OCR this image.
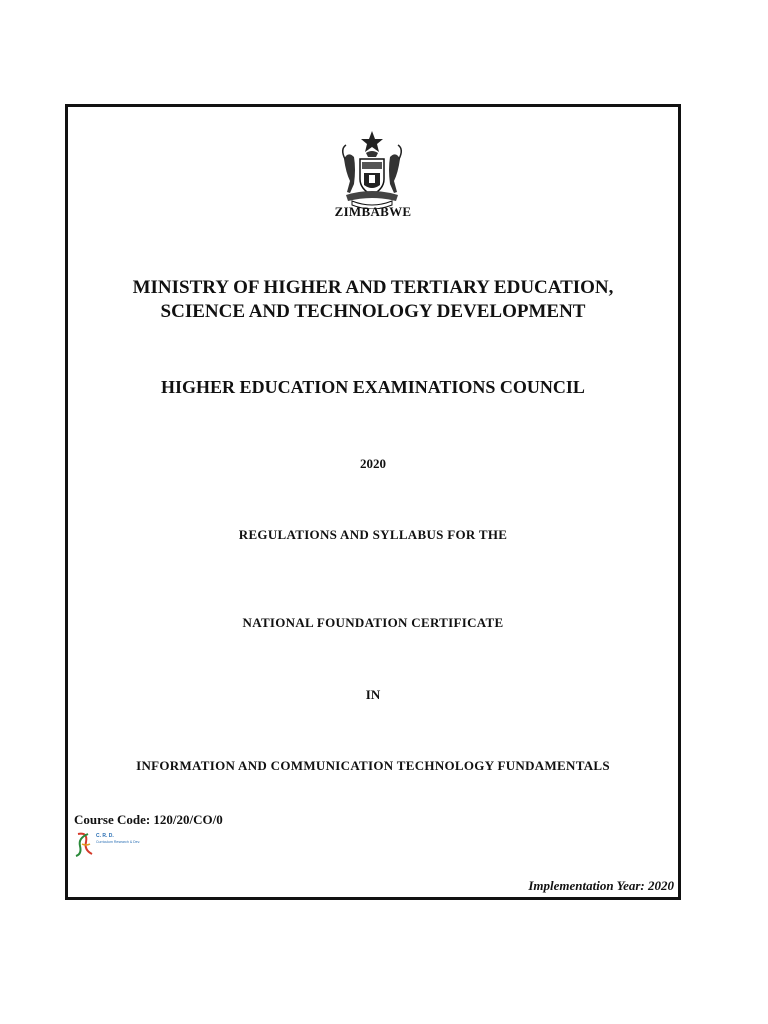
ZIMBABWE
MINISTRY OF HIGHER AND TERTIARY EDUCATION,
SCIENCE AND TECHNOLOGY DEVELOPMENT
HIGHER EDUCATION EXAMINATIONS COUNCIL
2020
REGULATIONS AND SYLLABUS FOR THE
NATIONAL FOUNDATION CERTIFICATE
IN
INFORMATION AND COMMUNICATION TECHNOLOGY FUNDAMENTALS
Course Code: 120/20/CO/0
C. R. D.
Curriculum Research & Dev.
Implementation Year: 2020
